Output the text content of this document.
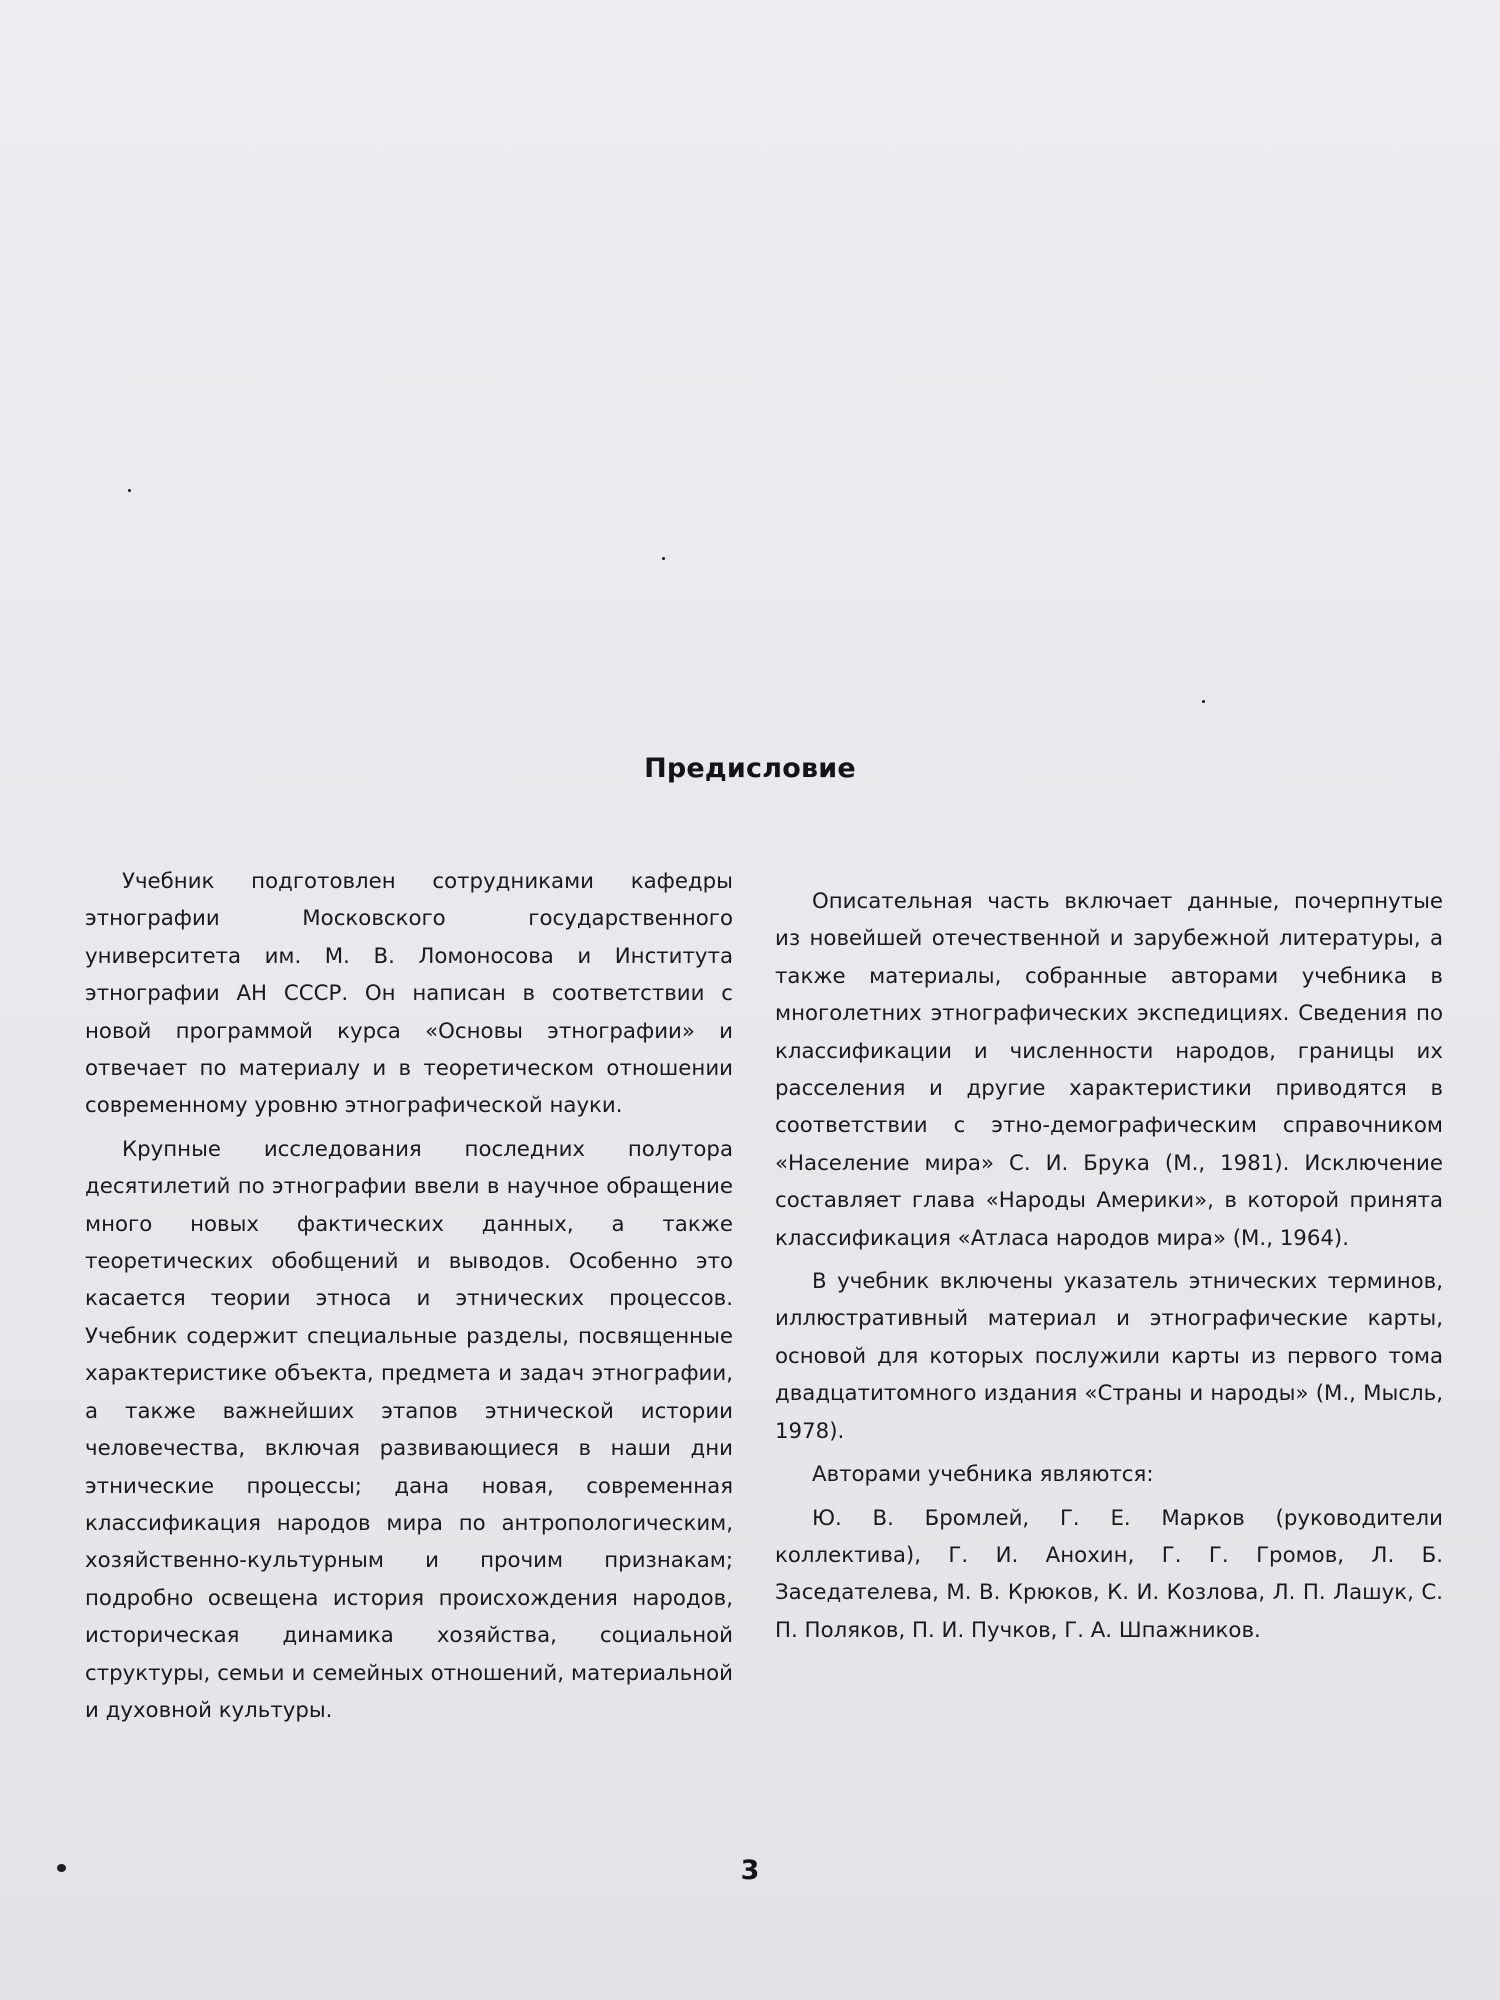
Предисловие

Учебник подготовлен сотрудниками кафедры этнографии Московского государственного университета им. М. В. Ломоносова и Института этнографии АН СССР. Он написан в соответствии с новой программой курса «Основы этнографии» и отвечает по материалу и в теоретическом отношении современному уровню этнографической науки.

Крупные исследования последних полутора десятилетий по этнографии ввели в научное обращение много новых фактических данных, а также теоретических обобщений и выводов. Особенно это касается теории этноса и этнических процессов. Учебник содержит специальные разделы, посвященные характеристике объекта, предмета и задач этнографии, а также важнейших этапов этнической истории человечества, включая развивающиеся в наши дни этнические процессы; дана новая, современная классификация народов мира по антропологическим, хозяйственно-культурным и прочим признакам; подробно освещена история происхождения народов, историческая динамика хозяйства, социальной структуры, семьи и семейных отношений, материальной и духовной культуры.

Описательная часть включает данные, почерпнутые из новейшей отечественной и зарубежной литературы, а также материалы, собранные авторами учебника в многолетних этнографических экспедициях. Сведения по классификации и численности народов, границы их расселения и другие характеристики приводятся в соответствии с этно-демографическим справочником «Население мира» С. И. Брука (М., 1981). Исключение составляет глава «Народы Америки», в которой принята классификация «Атласа народов мира» (М., 1964).

В учебник включены указатель этнических терминов, иллюстративный материал и этнографические карты, основой для которых послужили карты из первого тома двадцатитомного издания «Страны и народы» (М., Мысль, 1978).

Авторами учебника являются:

Ю. В. Бромлей, Г. Е. Марков (руководители коллектива), Г. И. Анохин, Г. Г. Громов, Л. Б. Заседателева, М. В. Крюков, К. И. Козлова, Л. П. Лашук, С. П. Поляков, П. И. Пучков, Г. А. Шпажников.

3
